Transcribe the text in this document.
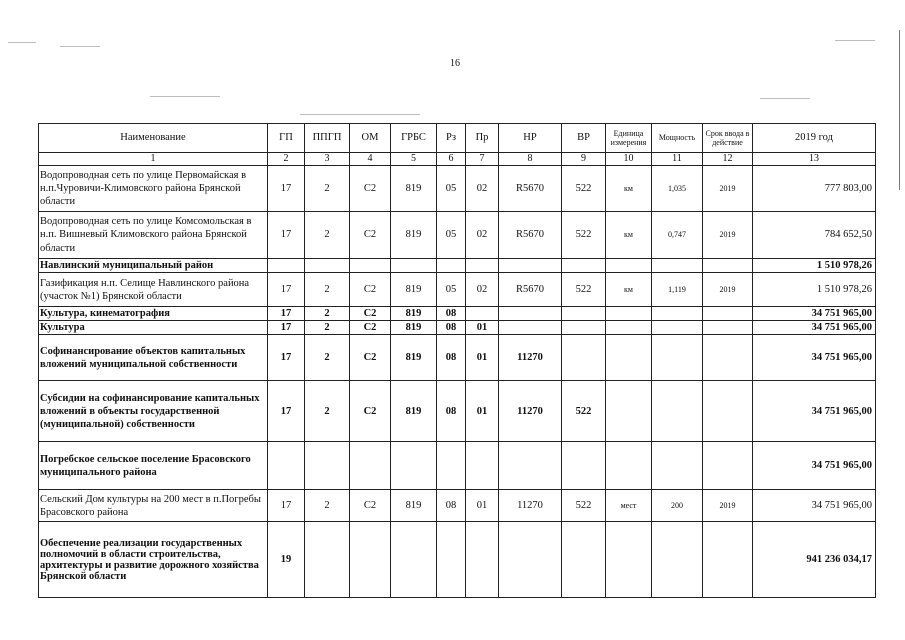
16
Наименование	ГП	ППГП	ОМ	ГРБС	Рз	Пр	НР	ВР	Единица измерения	Мощность	Срок ввода в действие	2019 год
1	2	3	4	5	6	7	8	9	10	11	12	13
Водопроводная сеть по улице Первомайская в н.п.Чуровичи-Климовского района Брянской области	17	2	С2	819	05	02	R5670	522	км	1,035	2019	777 803,00
Водопроводная сеть по улице Комсомольская в н.п. Вишневый Климовского района Брянской области	17	2	С2	819	05	02	R5670	522	км	0,747	2019	784 652,50
Навлинский муниципальный район												1 510 978,26
Газификация н.п. Селище Навлинского района (участок №1) Брянской области	17	2	С2	819	05	02	R5670	522	км	1,119	2019	1 510 978,26
Культура, кинематография	17	2	С2	819	08							34 751 965,00
Культура	17	2	С2	819	08	01						34 751 965,00
Софинансирование объектов капитальных вложений муниципальной собственности	17	2	С2	819	08	01	11270					34 751 965,00
Субсидии на софинансирование капитальных вложений в объекты государственной (муниципальной) собственности	17	2	С2	819	08	01	11270	522				34 751 965,00
Погребское сельское поселение Брасовского муниципального района												34 751 965,00
Сельский Дом культуры на 200 мест в п.Погребы Брасовского района	17	2	С2	819	08	01	11270	522	мест	200	2019	34 751 965,00
Обеспечение реализации государственных полномочий в области строительства, архитектуры и развитие дорожного хозяйства Брянской области	19											941 236 034,17
